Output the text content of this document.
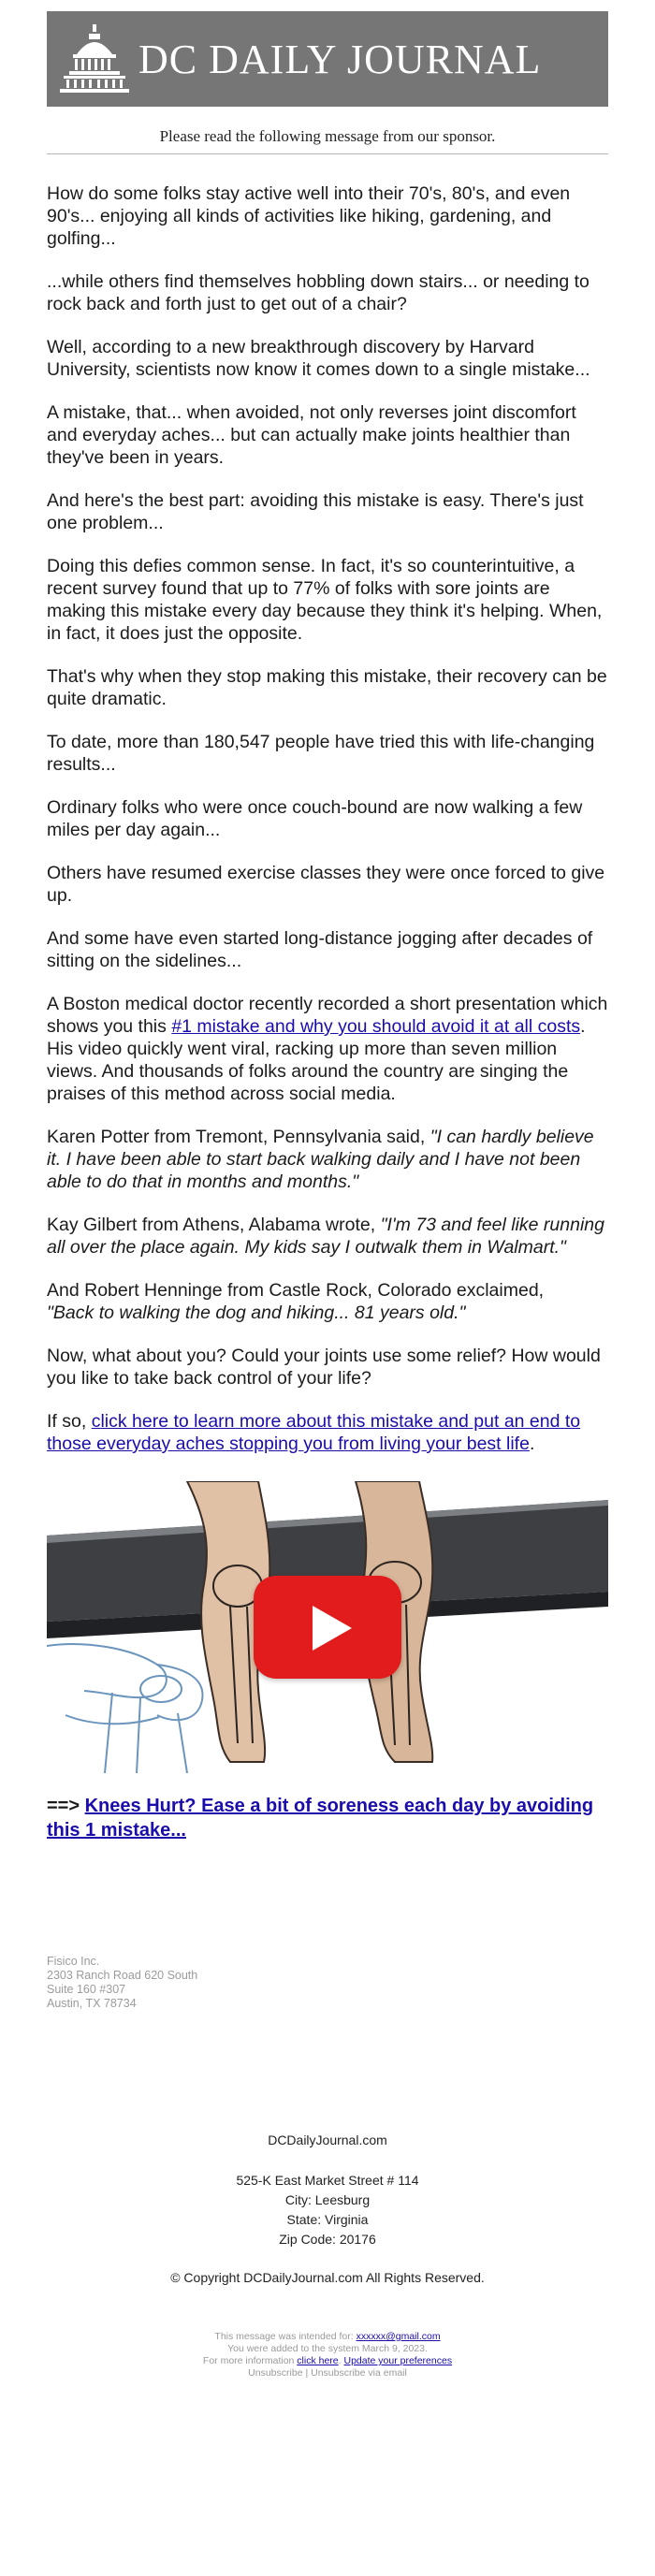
DC DAILY JOURNAL
Please read the following message from our sponsor.

How do some folks stay active well into their 70's, 80's, and even 90's... enjoying all kinds of activities like hiking, gardening, and golfing...

...while others find themselves hobbling down stairs... or needing to rock back and forth just to get out of a chair?

Well, according to a new breakthrough discovery by Harvard University, scientists now know it comes down to a single mistake...

A mistake, that... when avoided, not only reverses joint discomfort and everyday aches... but can actually make joints healthier than they've been in years.

And here's the best part: avoiding this mistake is easy. There's just one problem...

Doing this defies common sense. In fact, it's so counterintuitive, a recent survey found that up to 77% of folks with sore joints are making this mistake every day because they think it's helping. When, in fact, it does just the opposite.

That's why when they stop making this mistake, their recovery can be quite dramatic.

To date, more than 180,547 people have tried this with life-changing results...

Ordinary folks who were once couch-bound are now walking a few miles per day again...

Others have resumed exercise classes they were once forced to give up.

And some have even started long-distance jogging after decades of sitting on the sidelines...

A Boston medical doctor recently recorded a short presentation which shows you this #1 mistake and why you should avoid it at all costs. His video quickly went viral, racking up more than seven million views. And thousands of folks around the country are singing the praises of this method across social media.

Karen Potter from Tremont, Pennsylvania said, "I can hardly believe it. I have been able to start back walking daily and I have not been able to do that in months and months."

Kay Gilbert from Athens, Alabama wrote, "I'm 73 and feel like running all over the place again. My kids say I outwalk them in Walmart."

And Robert Henninge from Castle Rock, Colorado exclaimed,
"Back to walking the dog and hiking... 81 years old."

Now, what about you? Could your joints use some relief? How would you like to take back control of your life?

If so, click here to learn more about this mistake and put an end to those everyday aches stopping you from living your best life.

==> Knees Hurt? Ease a bit of soreness each day by avoiding this 1 mistake...
Fisico Inc.
2303 Ranch Road 620 South
Suite 160 #307
Austin, TX 78734
DCDailyJournal.com
525-K East Market Street # 114
City: Leesburg
State: Virginia
Zip Code: 20176
© Copyright DCDailyJournal.com All Rights Reserved.
This message was intended for: xxxxxx@gmail.com
You were added to the system March 9, 2023.
For more information click here. Update your preferences
Unsubscribe | Unsubscribe via email
